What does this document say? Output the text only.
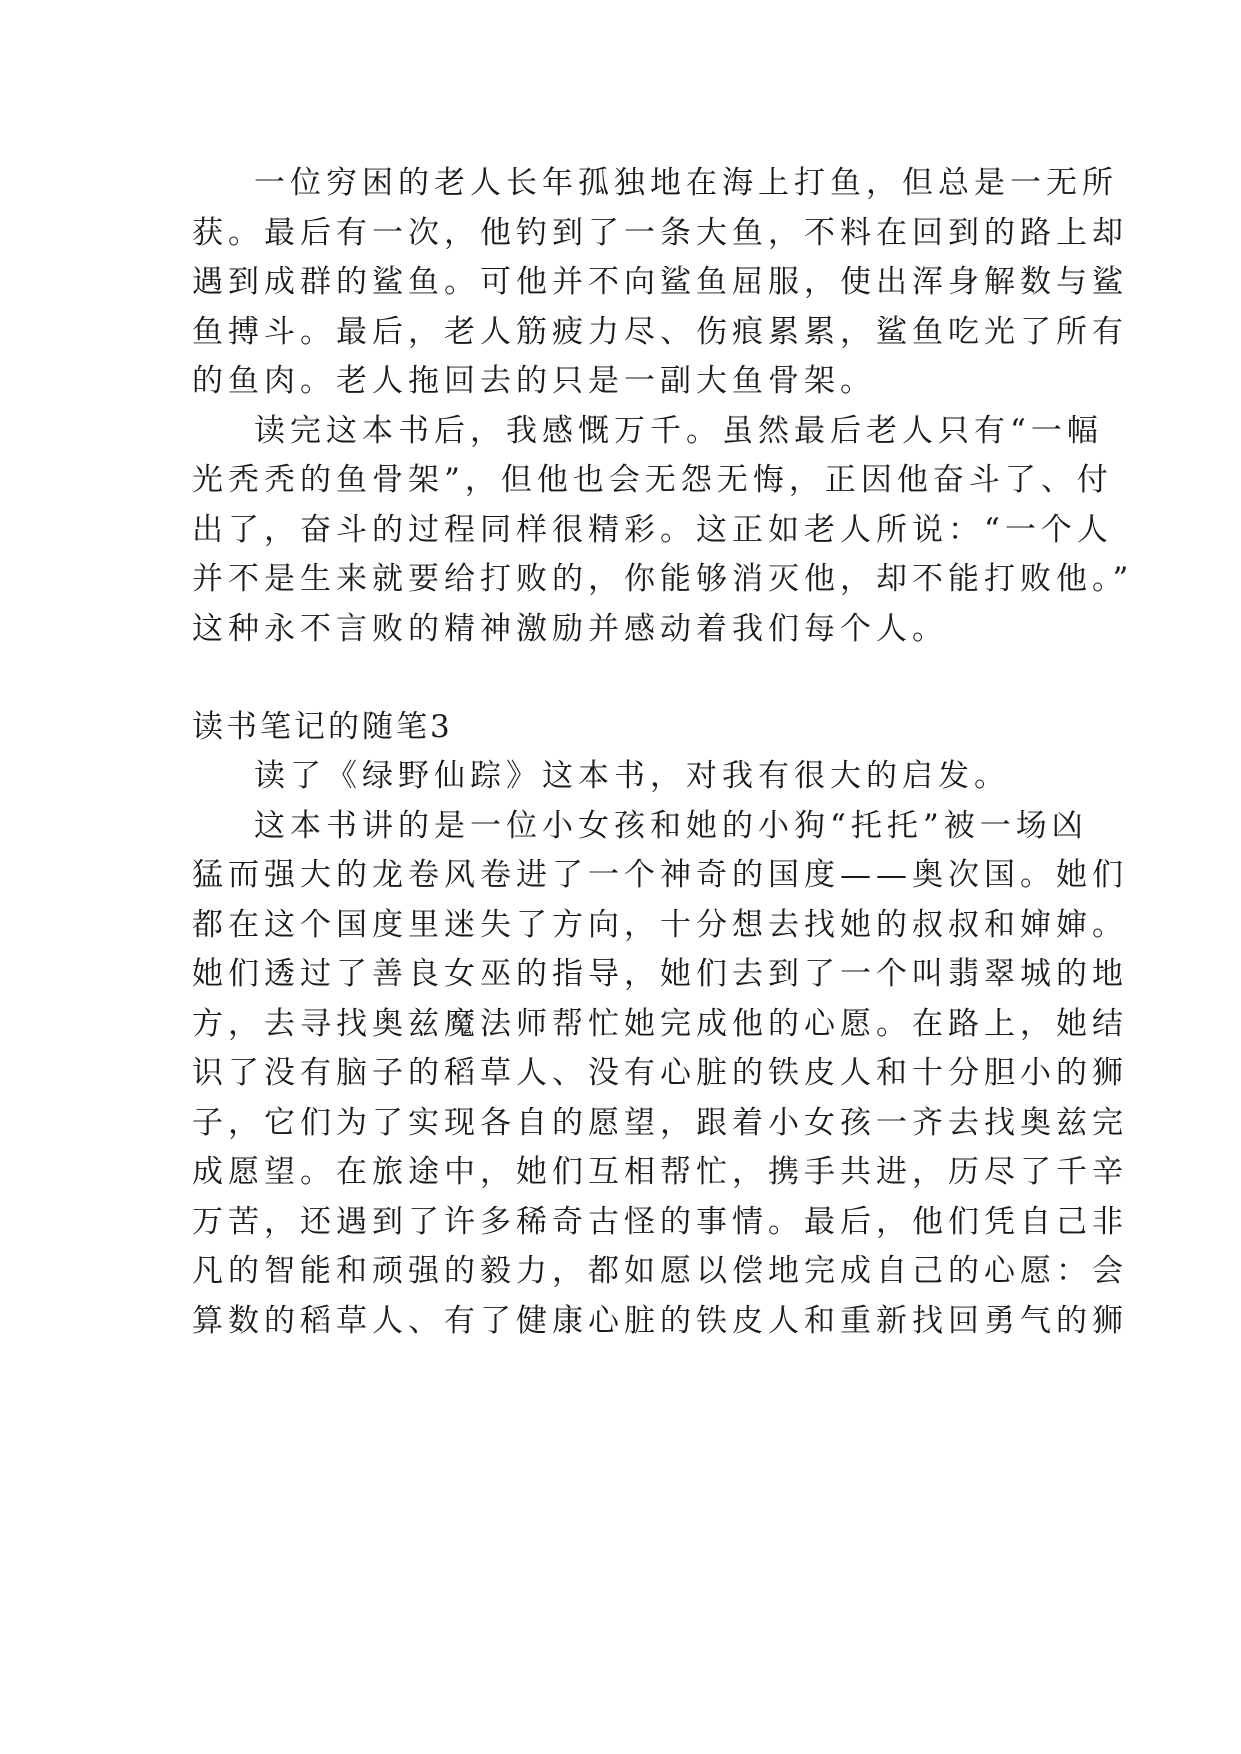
一位穷困的老人长年孤独地在海上打鱼，但总是一无所
获。最后有一次，他钓到了一条大鱼，不料在回到的路上却
遇到成群的鲨鱼。可他并不向鲨鱼屈服，使出浑身解数与鲨
鱼搏斗。最后，老人筋疲力尽、伤痕累累，鲨鱼吃光了所有
的鱼肉。老人拖回去的只是一副大鱼骨架。
读完这本书后，我感慨万千。虽然最后老人只有“一幅
光秃秃的鱼骨架”，但他也会无怨无悔，正因他奋斗了、付
出了，奋斗的过程同样很精彩。这正如老人所说：“一个人
并不是生来就要给打败的，你能够消灭他，却不能打败他。”
这种永不言败的精神激励并感动着我们每个人。
读书笔记的随笔3
读了《绿野仙踪》这本书，对我有很大的启发。
这本书讲的是一位小女孩和她的小狗“托托”被一场凶
猛而强大的龙卷风卷进了一个神奇的国度——奥次国。她们
都在这个国度里迷失了方向，十分想去找她的叔叔和婶婶。
她们透过了善良女巫的指导，她们去到了一个叫翡翠城的地
方，去寻找奥兹魔法师帮忙她完成他的心愿。在路上，她结
识了没有脑子的稻草人、没有心脏的铁皮人和十分胆小的狮
子，它们为了实现各自的愿望，跟着小女孩一齐去找奥兹完
成愿望。在旅途中，她们互相帮忙，携手共进，历尽了千辛
万苦，还遇到了许多稀奇古怪的事情。最后，他们凭自己非
凡的智能和顽强的毅力，都如愿以偿地完成自己的心愿：会
算数的稻草人、有了健康心脏的铁皮人和重新找回勇气的狮
